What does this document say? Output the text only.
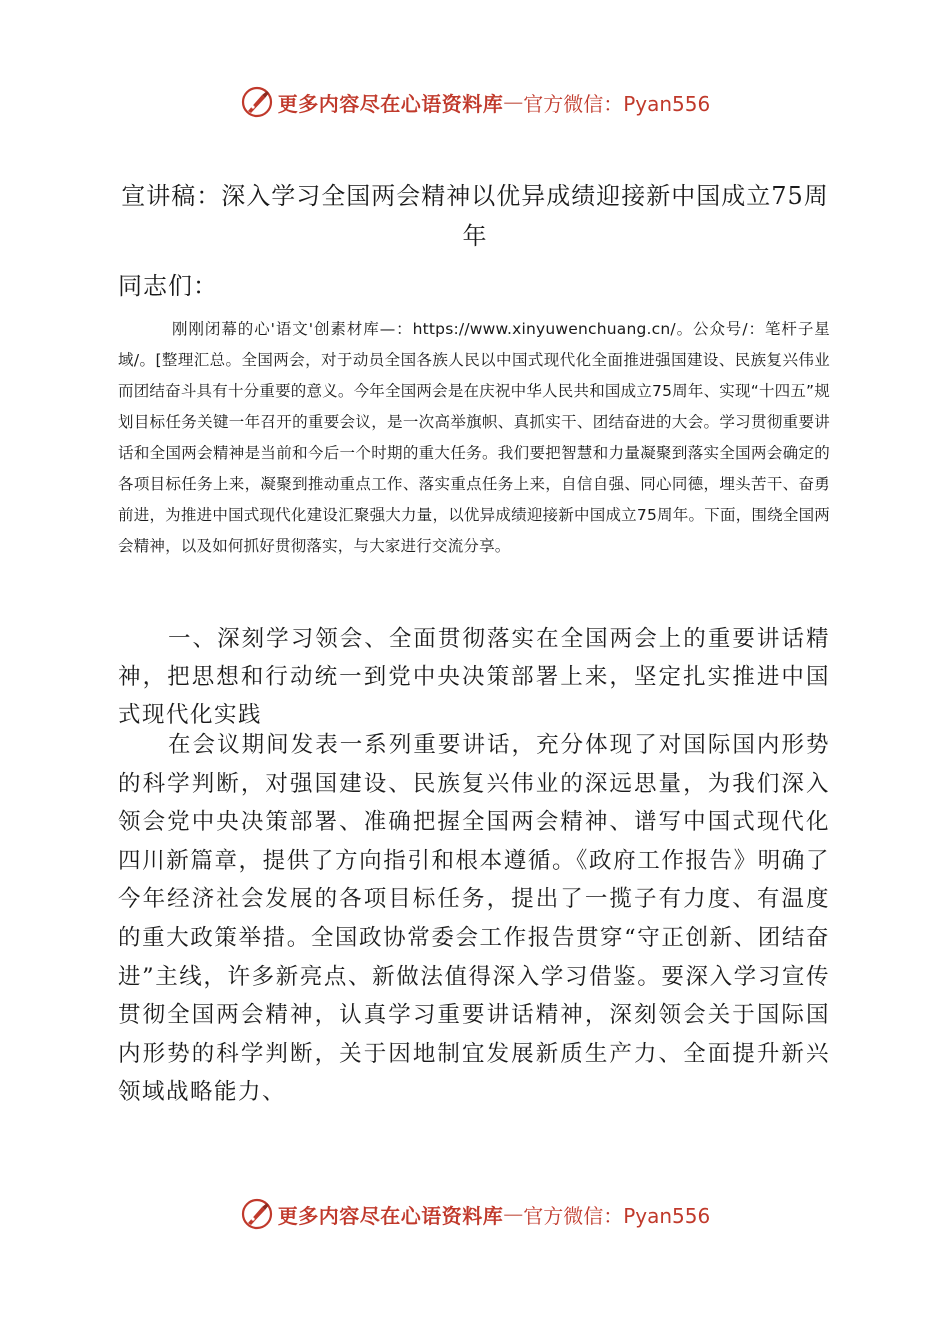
更多内容尽在心语资料库 — 官方微信：Pyan556
宣讲稿：深入学习全国两会精神以优异成绩迎接新中国成立75周年
同志们：
刚刚闭幕的心'语文'创素材库—：https://www.xinyuwenchuang.cn/。公众号/：笔杆子星域/。[整理汇总。全国两会，对于动员全国各族人民以中国式现代化全面推进强国建设、民族复兴伟业而团结奋斗具有十分重要的意义。今年全国两会是在庆祝中华人民共和国成立75周年、实现“十四五”规划目标任务关键一年召开的重要会议，是一次高举旗帜、真抓实干、团结奋进的大会。学习贯彻重要讲话和全国两会精神是当前和今后一个时期的重大任务。我们要把智慧和力量凝聚到落实全国两会确定的各项目标任务上来，凝聚到推动重点工作、落实重点任务上来，自信自强、同心同德，埋头苦干、奋勇前进，为推进中国式现代化建设汇聚强大力量，以优异成绩迎接新中国成立75周年。下面，围绕全国两会精神，以及如何抓好贯彻落实，与大家进行交流分享。
一、深刻学习领会、全面贯彻落实在全国两会上的重要讲话精神，把思想和行动统一到党中央决策部署上来，坚定扎实推进中国式现代化实践
在会议期间发表一系列重要讲话，充分体现了对国际国内形势的科学判断，对强国建设、民族复兴伟业的深远思量，为我们深入领会党中央决策部署、准确把握全国两会精神、谱写中国式现代化四川新篇章，提供了方向指引和根本遵循。《政府工作报告》明确了今年经济社会发展的各项目标任务，提出了一揽子有力度、有温度的重大政策举措。全国政协常委会工作报告贯穿“守正创新、团结奋进”主线，许多新亮点、新做法值得深入学习借鉴。要深入学习宣传贯彻全国两会精神，认真学习重要讲话精神，深刻领会关于国际国内形势的科学判断，关于因地制宜发展新质生产力、全面提升新兴领域战略能力、
更多内容尽在心语资料库 — 官方微信：Pyan556
